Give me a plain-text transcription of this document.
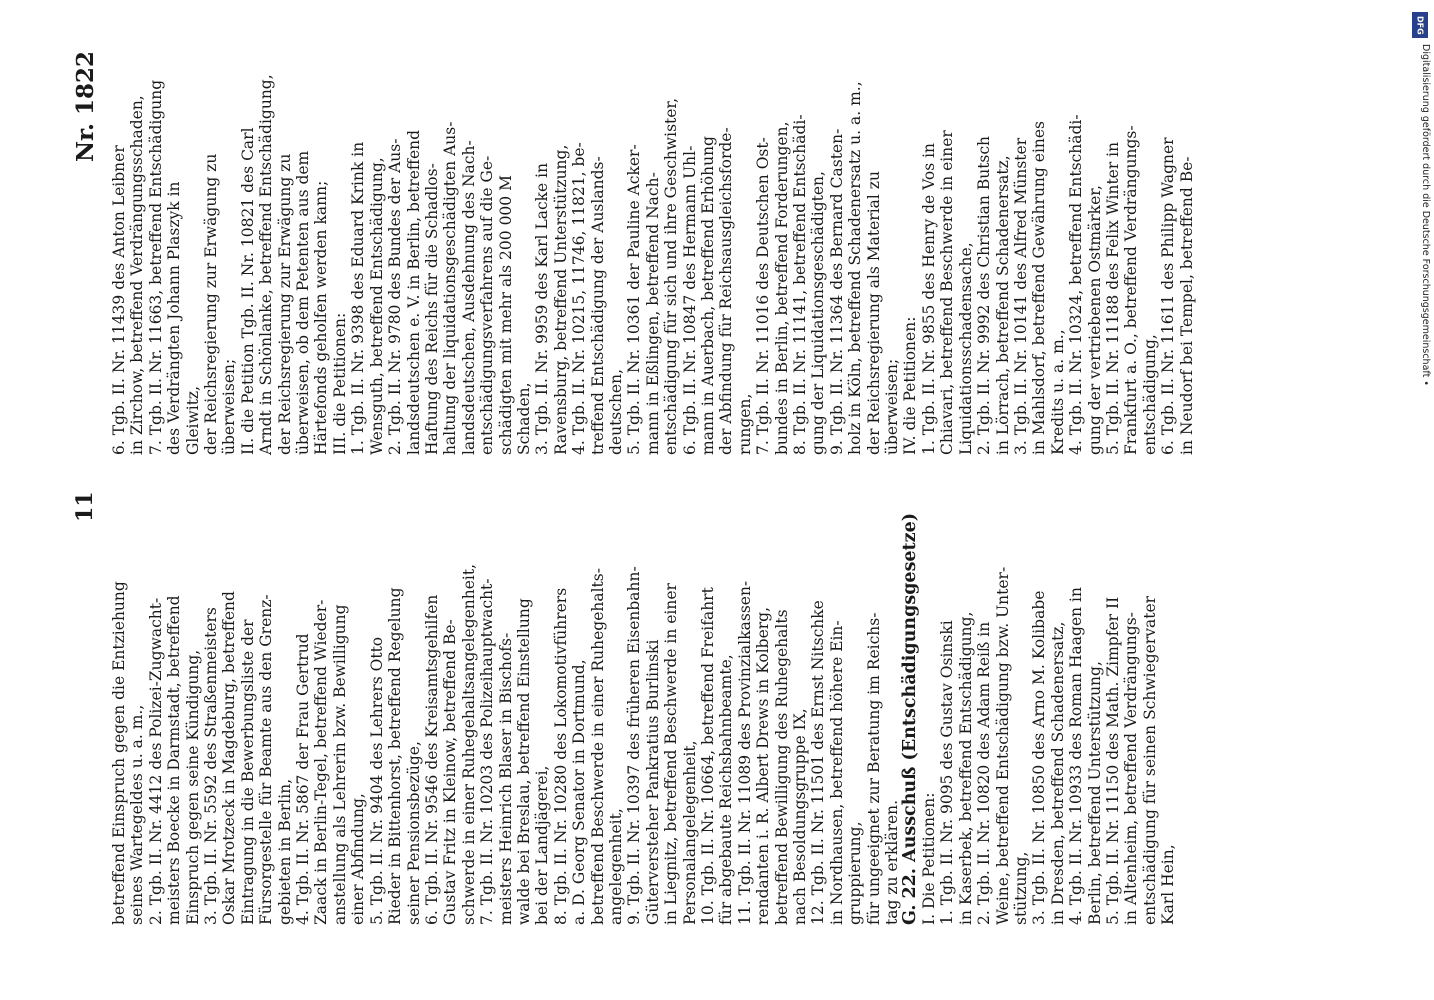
11
Nr. 1822
betreffend Einspruch gegen die Entziehung seines Wartegeldes u. a. m., 2. Tgb. II. Nr. 4412 des Polizei-Zugwacht- meisters Boecke in Darmstadt, betreffend Einspruch gegen seine Kündigung, 3. Tgb. II. Nr. 5592 des Straßenmeisters Oskar Mrotzeck in Magdeburg, betreffend Eintragung in die Bewerbungsliste der Fürsorgestelle für Beamte aus den Grenz- gebieten in Berlin, 4. Tgb. II. Nr. 5867 der Frau Gertrud Zaack in Berlin-Tegel, betreffend Wieder- anstellung als Lehrerin bzw. Bewilligung einer Abfindung, 5. Tgb. II. Nr. 9404 des Lehrers Otto Rieder in Bittenhorst, betreffend Regelung seiner Pensionsbezüge, 6. Tgb. II. Nr. 9546 des Kreisamtsgehilfen Gustav Fritz in Kleinow, betreffend Be- schwerde in einer Ruhegehaltsangelegenheit, 7. Tgb. II. Nr. 10203 des Polizeihauptwacht- meisters Heinrich Blaser in Bischofs- walde bei Breslau, betreffend Einstellung bei der Landjägerei, 8. Tgb. II. Nr. 10280 des Lokomotivführers a. D. Georg Senator in Dortmund, betreffend Beschwerde in einer Ruhegehalts- angelegenheit, 9. Tgb. II. Nr. 10397 des früheren Eisenbahn- Güterversteher Pankratius Burlinski in Liegnitz, betreffend Beschwerde in einer Personalangelegenheit, 10. Tgb. II. Nr. 10664, betreffend Freifahrt für abgebaute Reichsbahnbeamte, 11. Tgb. II. Nr. 11089 des Provinzialkassen- rendanten i. R. Albert Drews in Kolberg, betreffend Bewilligung des Ruhegehalts nach Besoldungsgruppe IX, 12. Tgb. II. Nr. 11501 des Ernst Nitschke in Nordhausen, betreffend höhere Ein- gruppierung, für ungeeignet zur Beratung im Reichs- tag zu erklären. G. 22. Ausschuß (Entschädigungsgesetze) I. Die Petitionen: 1. Tgb. II. Nr. 9095 des Gustav Osinski in Kaserbek, betreffend Entschädigung, 2. Tgb. II. Nr. 10820 des Adam Reiß in Weine, betreffend Entschädigung bzw. Unter- stützung, 3. Tgb. II. Nr. 10850 des Arno M. Kolibabe in Dresden, betreffend Schadenersatz, 4. Tgb. II. Nr. 10933 des Roman Haagen in Berlin, betreffend Unterstützung, 5. Tgb. II. Nr. 11150 des Math. Zimpfer II in Altenheim, betreffend Verdrängungs- entschädigung für seinen Schwiegervater Karl Hein,
6. Tgb. II. Nr. 11439 des Anton Leibner in Zirchow, betreffend Verdrängungsschaden, 7. Tgb. II. Nr. 11663, betreffend Entschädigung des Verdrängten Johann Plaszyk in Gleiwitz, der Reichsregierung zur Erwägung zu überweisen; II. die Petition Tgb. II. Nr. 10821 des Carl Arndt in Schönlanke, betreffend Entschädigung, der Reichsregierung zur Erwägung zu überweisen, ob dem Petenten aus dem Härtefonds geholfen werden kann; III. die Petitionen: 1. Tgb. II. Nr. 9398 des Eduard Krink in Wensguth, betreffend Entschädigung, 2. Tgb. II. Nr. 9780 des Bundes der Aus- landsdeutschen e. V. in Berlin, betreffend Haftung des Reichs für die Schadlos- haltung der liquidationsgeschädigten Aus- landsdeutschen, Ausdehnung des Nach- entschädigungsverfahrens auf die Ge- schädigten mit mehr als 200 000 M Schaden, 3. Tgb. II. Nr. 9959 des Karl Lacke in Ravensburg, betreffend Unterstützung, 4. Tgb. II. Nr. 10215, 11746, 11821, be- treffend Entschädigung der Auslands- deutschen, 5. Tgb. II. Nr. 10361 der Pauline Acker- mann in Eßlingen, betreffend Nach- entschädigung für sich und ihre Geschwister, 6. Tgb. II. Nr. 10847 des Hermann Uhl- mann in Auerbach, betreffend Erhöhung der Abfindung für Reichsausgleichsforde- rungen, 7. Tgb. II. Nr. 11016 des Deutschen Ost- bundes in Berlin, betreffend Forderungen, 8. Tgb. II. Nr. 11141, betreffend Entschädi- gung der Liquidationsgeschädigten, 9. Tgb. II. Nr. 11364 des Bernard Casten- holz in Köln, betreffend Schadenersatz u. a. m., der Reichsregierung als Material zu überweisen; IV. die Petitionen: 1. Tgb. II. Nr. 9855 des Henry de Vos in Chiavari, betreffend Beschwerde in einer Liquidationsschadensache, 2. Tgb. II. Nr. 9992 des Christian Butsch in Lörrach, betreffend Schadenersatz, 3. Tgb. II. Nr. 10141 des Alfred Münster in Mahlsdorf, betreffend Gewährung eines Kredits u. a. m., 4. Tgb. II. Nr. 10324, betreffend Entschädi- gung der vertriebenen Ostmärker, 5. Tgb. II. Nr. 11188 des Felix Winter in Frankfurt a. O., betreffend Verdrängungs- entschädigung, 6. Tgb. II. Nr. 11611 des Philipp Wagner in Neudorf bei Tempel, betreffend Be-
DFG
Digitalisierung gefördert durch die Deutsche Forschungsgemeinschaft •
